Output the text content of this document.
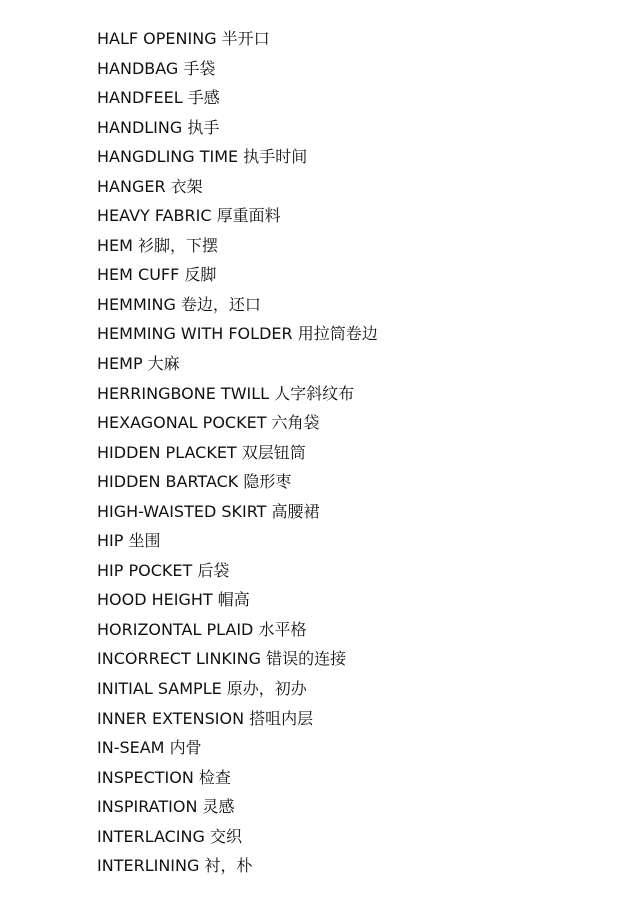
HALF OPENING 半开口
HANDBAG 手袋
HANDFEEL 手感
HANDLING 执手
HANGDLING TIME 执手时间
HANGER 衣架
HEAVY FABRIC 厚重面料
HEM 衫脚，下摆
HEM CUFF 反脚
HEMMING 卷边，还口
HEMMING WITH FOLDER 用拉筒卷边
HEMP 大麻
HERRINGBONE TWILL 人字斜纹布
HEXAGONAL POCKET 六角袋
HIDDEN PLACKET 双层钮筒
HIDDEN BARTACK 隐形枣
HIGH-WAISTED SKIRT 高腰裙
HIP 坐围
HIP POCKET 后袋
HOOD HEIGHT 帽高
HORIZONTAL PLAID 水平格
INCORRECT LINKING 错误的连接
INITIAL SAMPLE 原办，初办
INNER EXTENSION 搭咀内层
IN-SEAM 内骨
INSPECTION 检查
INSPIRATION 灵感
INTERLACING 交织
INTERLINING 衬，朴
